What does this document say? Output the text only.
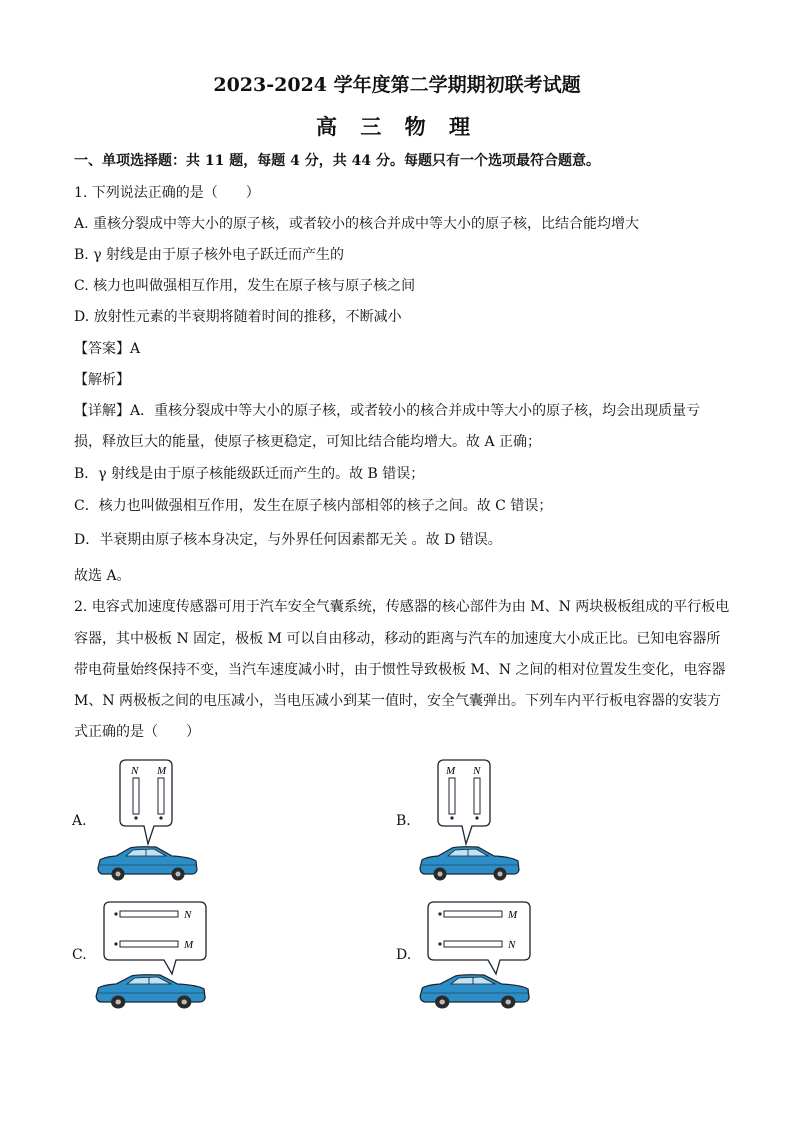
2023-2024 学年度第二学期期初联考试题
高 三 物 理
一、单项选择题：共 11 题，每题 4 分，共 44 分。每题只有一个选项最符合题意。
1. 下列说法正确的是（　　）
A. 重核分裂成中等大小的原子核，或者较小的核合并成中等大小的原子核，比结合能均增大
B. γ 射线是由于原子核外电子跃迁而产生的
C. 核力也叫做强相互作用，发生在原子核与原子核之间
D. 放射性元素的半衰期将随着时间的推移，不断减小
【答案】A
【解析】
【详解】A．重核分裂成中等大小的原子核，或者较小的核合并成中等大小的原子核，均会出现质量亏
损，释放巨大的能量，使原子核更稳定，可知比结合能均增大。故 A 正确；
B．γ 射线是由于原子核能级跃迁而产生的。故 B 错误；
C．核力也叫做强相互作用，发生在原子核内部相邻的核子之间。故 C 错误；
D．半衰期由原子核本身决定，与外界任何因素都无关 。故 D 错误。
故选 A。
2. 电容式加速度传感器可用于汽车安全气囊系统，传感器的核心部件为由 M、N 两块极板组成的平行板电
容器，其中极板 N 固定，极板 M 可以自由移动，移动的距离与汽车的加速度大小成正比。已知电容器所
带电荷量始终保持不变，当汽车速度减小时，由于惯性导致极板 M、N 之间的相对位置发生变化，电容器
M、N 两极板之间的电压减小，当电压减小到某一值时，安全气囊弹出。下列车内平行板电容器的安装方
式正确的是（　　）
A.	B.
C.	D.
N M	M N
N
M
M
N
